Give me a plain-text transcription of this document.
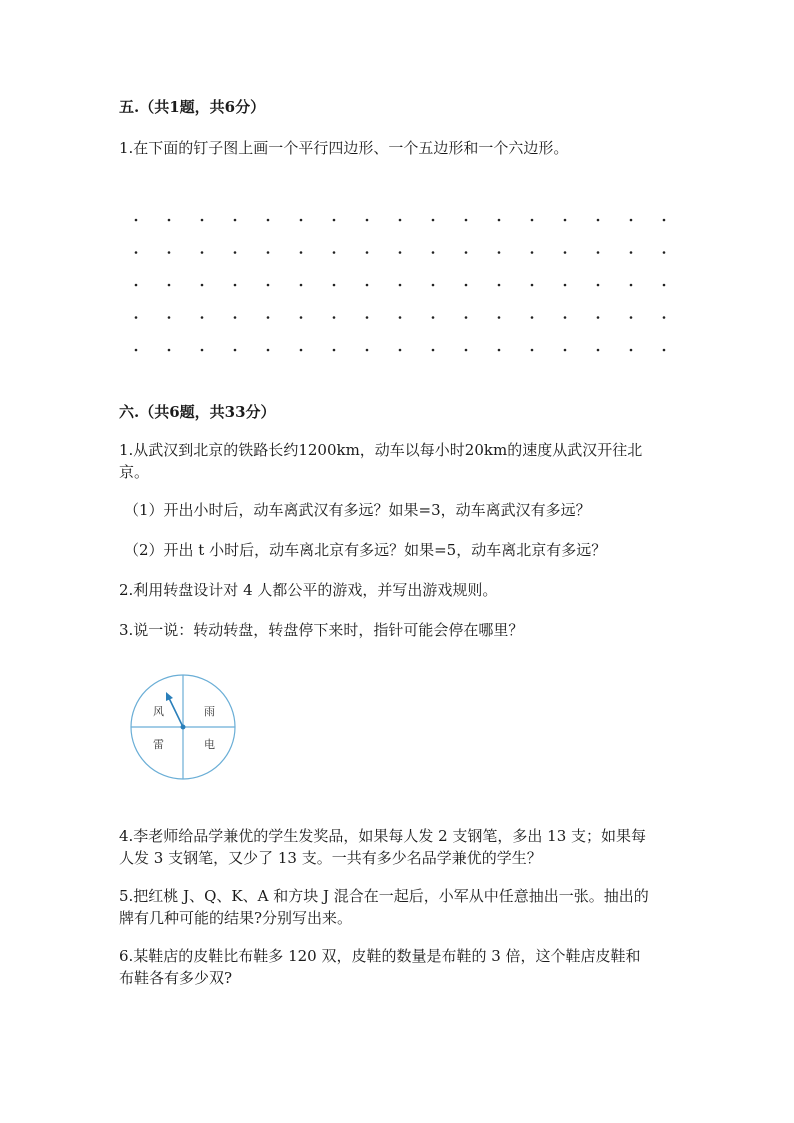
五.（共1题，共6分）
1.在下面的钉子图上画一个平行四边形、一个五边形和一个六边形。
六.（共6题，共33分）
1.从武汉到北京的铁路长约1200km，动车以每小时20km的速度从武汉开往北
京。
（1）开出小时后，动车离武汉有多远？如果=3，动车离武汉有多远？
（2）开出 t 小时后，动车离北京有多远？如果=5，动车离北京有多远？
2.利用转盘设计对 4 人都公平的游戏，并写出游戏规则。
3.说一说：转动转盘，转盘停下来时，指针可能会停在哪里？
风	雨
雷	电
4.李老师给品学兼优的学生发奖品，如果每人发 2 支钢笔，多出 13 支；如果每
人发 3 支钢笔，又少了 13 支。一共有多少名品学兼优的学生？
5.把红桃 J、Q、K、A 和方块 J 混合在一起后，小军从中任意抽出一张。抽出的
牌有几种可能的结果?分别写出来。
6.某鞋店的皮鞋比布鞋多 120 双，皮鞋的数量是布鞋的 3 倍，这个鞋店皮鞋和
布鞋各有多少双?
